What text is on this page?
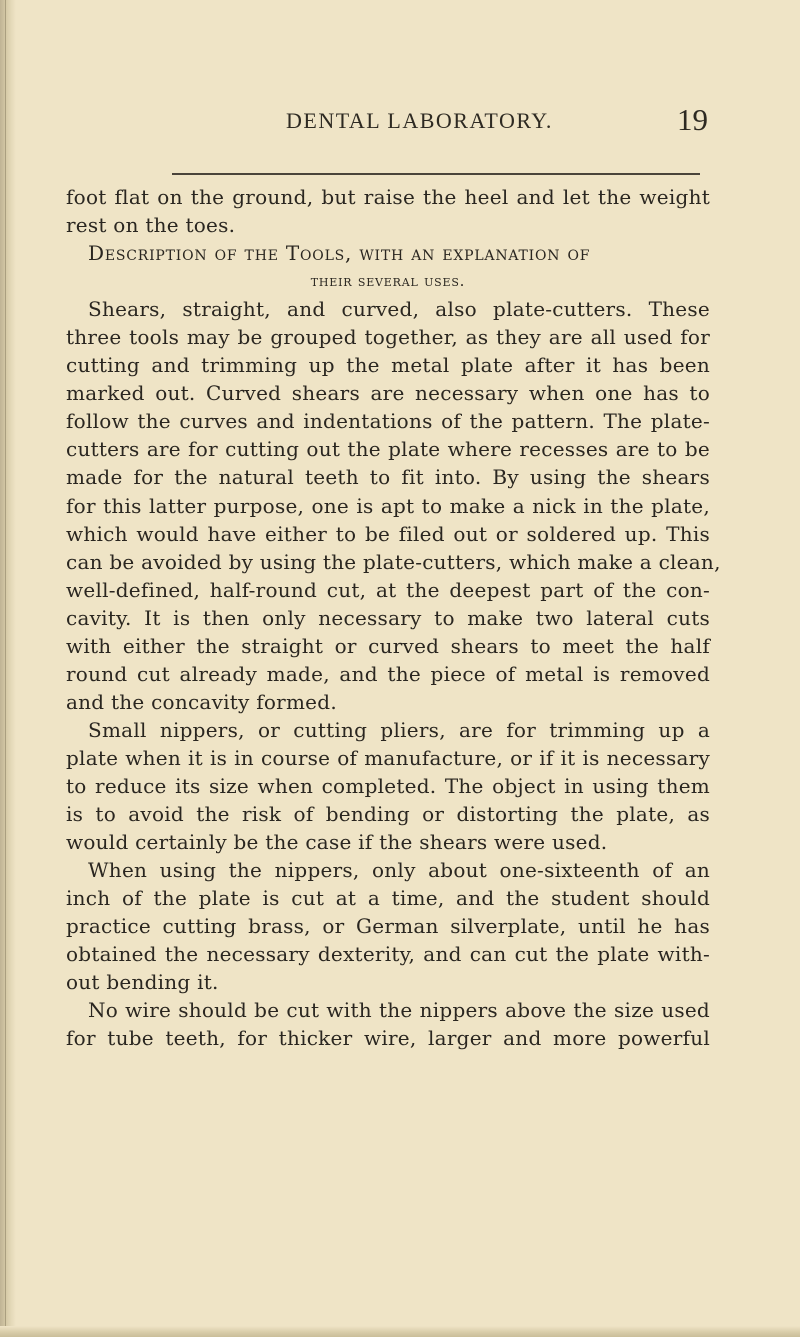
DENTAL LABORATORY.	19
foot flat on the ground, but raise the heel and let the weight
rest on the toes.
Description of the Tools, with an explanation of
their several uses.
Shears, straight, and curved, also plate-cutters. These
three tools may be grouped together, as they are all used for
cutting and trimming up the metal plate after it has been
marked out. Curved shears are necessary when one has to
follow the curves and indentations of the pattern. The plate-
cutters are for cutting out the plate where recesses are to be
made for the natural teeth to fit into. By using the shears
for this latter purpose, one is apt to make a nick in the plate,
which would have either to be filed out or soldered up. This
can be avoided by using the plate-cutters, which make a clean,
well-defined, half-round cut, at the deepest part of the con-
cavity. It is then only necessary to make two lateral cuts
with either the straight or curved shears to meet the half
round cut already made, and the piece of metal is removed
and the concavity formed.
Small nippers, or cutting pliers, are for trimming up a
plate when it is in course of manufacture, or if it is necessary
to reduce its size when completed. The object in using them
is to avoid the risk of bending or distorting the plate, as
would certainly be the case if the shears were used.
When using the nippers, only about one-sixteenth of an
inch of the plate is cut at a time, and the student should
practice cutting brass, or German silverplate, until he has
obtained the necessary dexterity, and can cut the plate with-
out bending it.
No wire should be cut with the nippers above the size used
for tube teeth, for thicker wire, larger and more powerful
